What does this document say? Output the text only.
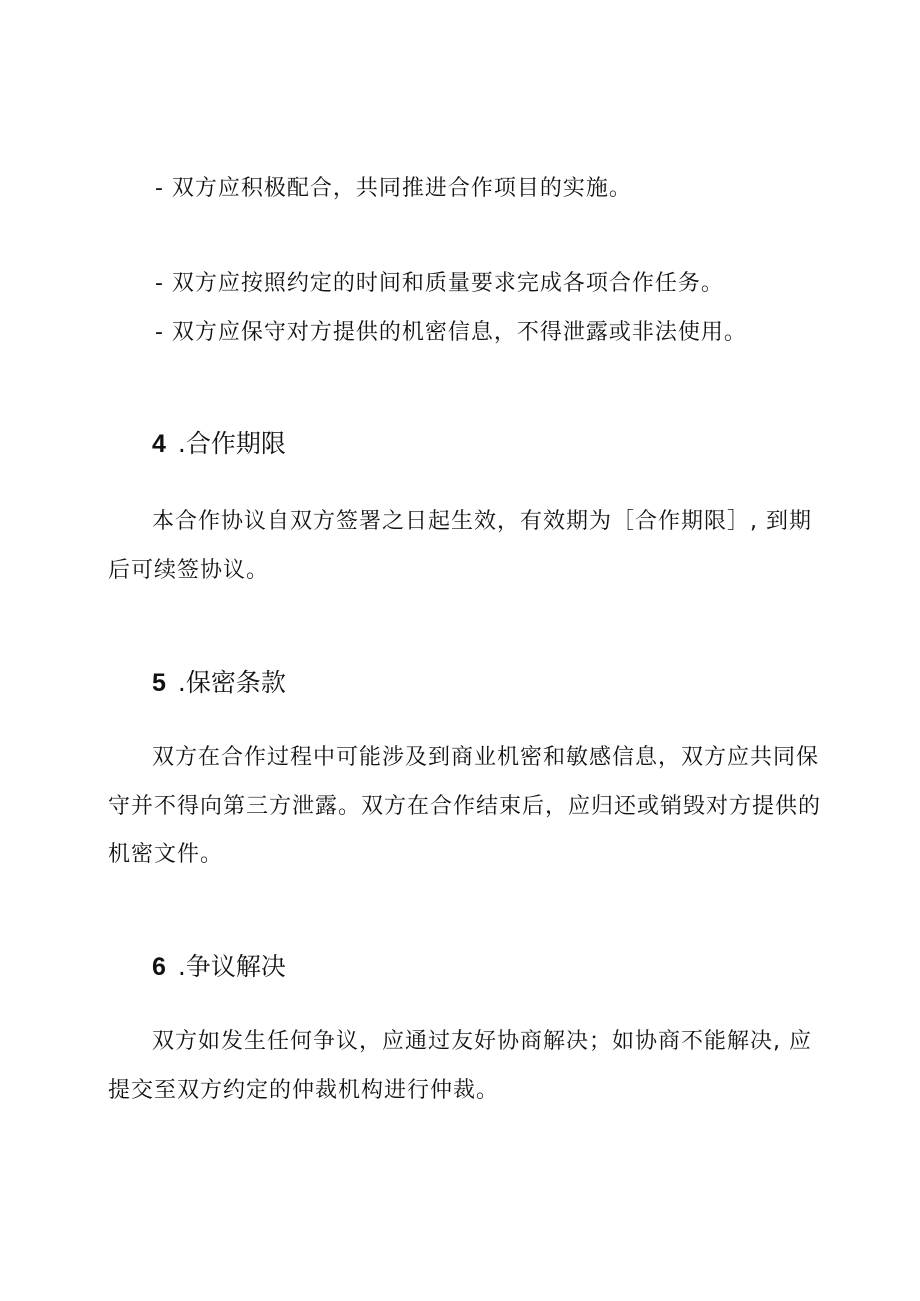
- 双方应积极配合，共同推进合作项目的实施。
- 双方应按照约定的时间和质量要求完成各项合作任务。
- 双方应保守对方提供的机密信息，不得泄露或非法使用。
4 .合作期限
本合作协议自双方签署之日起生效，有效期为［合作期限］, 到期
后可续签协议。
5 .保密条款
双方在合作过程中可能涉及到商业机密和敏感信息，双方应共同保
守并不得向第三方泄露。双方在合作结束后，应归还或销毁对方提供的
机密文件。
6 .争议解决
双方如发生任何争议，应通过友好协商解决；如协商不能解决, 应
提交至双方约定的仲裁机构进行仲裁。
